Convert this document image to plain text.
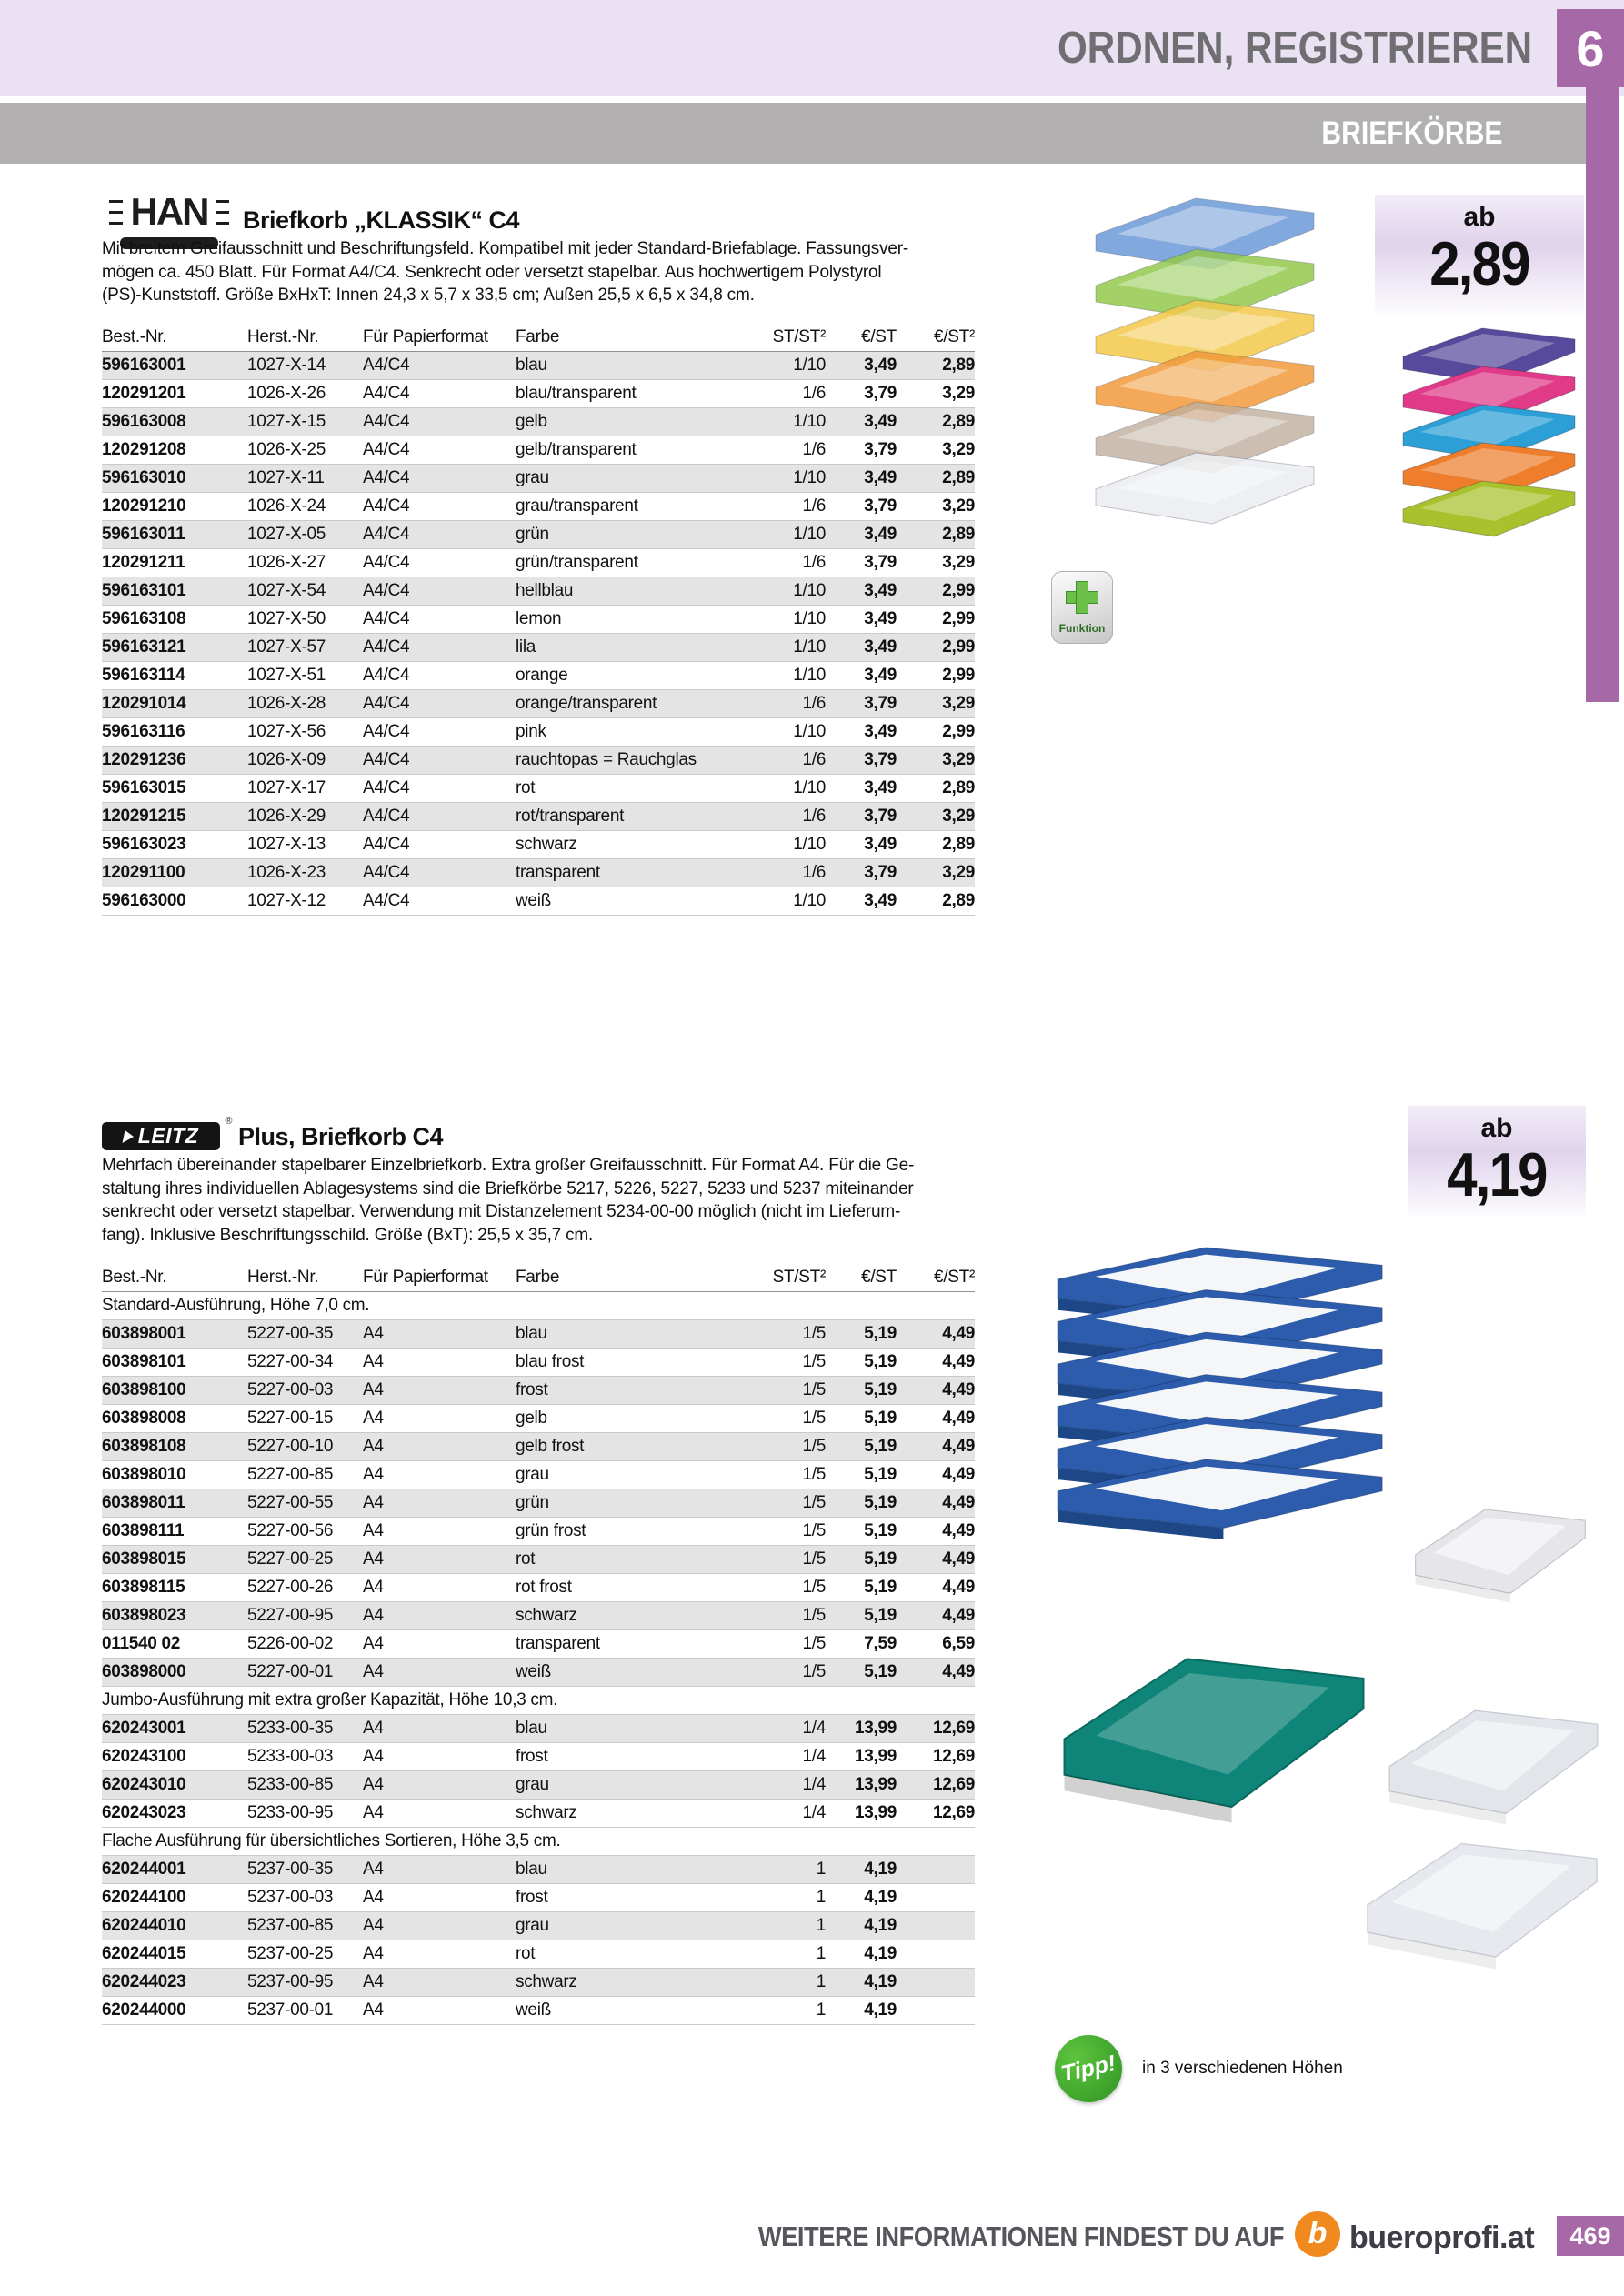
ORDNEN, REGISTRIEREN
BRIEFKÖRBE
6
HAN	Briefkorb „KLASSIK“ C4
Mit breitem Greifausschnitt und Beschriftungsfeld. Kompatibel mit jeder Standard-Briefablage. Fassungsver-
mögen ca. 450 Blatt. Für Format A4/C4. Senkrecht oder versetzt stapelbar. Aus hochwertigem Polystyrol
(PS)-Kunststoff. Größe BxHxT: Innen 24,3 x 5,7 x 33,5 cm; Außen 25,5 x 6,5 x 34,8 cm.
Best.-Nr.	Herst.-Nr.	Für Papierformat	Farbe	ST/ST²	€/ST	€/ST²
596163001	1027-X-14	A4/C4	blau	1/10	3,49	2,89
120291201	1026-X-26	A4/C4	blau/transparent	1/6	3,79	3,29
596163008	1027-X-15	A4/C4	gelb	1/10	3,49	2,89
120291208	1026-X-25	A4/C4	gelb/transparent	1/6	3,79	3,29
596163010	1027-X-11	A4/C4	grau	1/10	3,49	2,89
120291210	1026-X-24	A4/C4	grau/transparent	1/6	3,79	3,29
596163011	1027-X-05	A4/C4	grün	1/10	3,49	2,89
120291211	1026-X-27	A4/C4	grün/transparent	1/6	3,79	3,29
596163101	1027-X-54	A4/C4	hellblau	1/10	3,49	2,99
596163108	1027-X-50	A4/C4	lemon	1/10	3,49	2,99
596163121	1027-X-57	A4/C4	lila	1/10	3,49	2,99
596163114	1027-X-51	A4/C4	orange	1/10	3,49	2,99
120291014	1026-X-28	A4/C4	orange/transparent	1/6	3,79	3,29
596163116	1027-X-56	A4/C4	pink	1/10	3,49	2,99
120291236	1026-X-09	A4/C4	rauchtopas = Rauchglas	1/6	3,79	3,29
596163015	1027-X-17	A4/C4	rot	1/10	3,49	2,89
120291215	1026-X-29	A4/C4	rot/transparent	1/6	3,79	3,29
596163023	1027-X-13	A4/C4	schwarz	1/10	3,49	2,89
120291100	1026-X-23	A4/C4	transparent	1/6	3,79	3,29
596163000	1027-X-12	A4/C4	weiß	1/10	3,49	2,89
ab
2,89
Funktion
LEITZ
®
Plus, Briefkorb C4
Mehrfach übereinander stapelbarer Einzelbriefkorb. Extra großer Greifausschnitt. Für Format A4. Für die Ge-
staltung ihres individuellen Ablagesystems sind die Briefkörbe 5217, 5226, 5227, 5233 und 5237 miteinander
senkrecht oder versetzt stapelbar. Verwendung mit Distanzelement 5234-00-00 möglich (nicht im Lieferum-
fang). Inklusive Beschriftungsschild. Größe (BxT): 25,5 x 35,7 cm.
Best.-Nr.	Herst.-Nr.	Für Papierformat	Farbe	ST/ST²	€/ST	€/ST²
Standard-Ausführung, Höhe 7,0 cm.
603898001	5227-00-35	A4	blau	1/5	5,19	4,49
603898101	5227-00-34	A4	blau frost	1/5	5,19	4,49
603898100	5227-00-03	A4	frost	1/5	5,19	4,49
603898008	5227-00-15	A4	gelb	1/5	5,19	4,49
603898108	5227-00-10	A4	gelb frost	1/5	5,19	4,49
603898010	5227-00-85	A4	grau	1/5	5,19	4,49
603898011	5227-00-55	A4	grün	1/5	5,19	4,49
603898111	5227-00-56	A4	grün frost	1/5	5,19	4,49
603898015	5227-00-25	A4	rot	1/5	5,19	4,49
603898115	5227-00-26	A4	rot frost	1/5	5,19	4,49
603898023	5227-00-95	A4	schwarz	1/5	5,19	4,49
011540 02	5226-00-02	A4	transparent	1/5	7,59	6,59
603898000	5227-00-01	A4	weiß	1/5	5,19	4,49
Jumbo-Ausführung mit extra großer Kapazität, Höhe 10,3 cm.
620243001	5233-00-35	A4	blau	1/4	13,99	12,69
620243100	5233-00-03	A4	frost	1/4	13,99	12,69
620243010	5233-00-85	A4	grau	1/4	13,99	12,69
620243023	5233-00-95	A4	schwarz	1/4	13,99	12,69
Flache Ausführung für übersichtliches Sortieren, Höhe 3,5 cm.
620244001	5237-00-35	A4	blau	1	4,19
620244100	5237-00-03	A4	frost	1	4,19
620244010	5237-00-85	A4	grau	1	4,19
620244015	5237-00-25	A4	rot	1	4,19
620244023	5237-00-95	A4	schwarz	1	4,19
620244000	5237-00-01	A4	weiß	1	4,19
ab
4,19
Tipp! in 3 verschiedenen Höhen
WEITERE INFORMATIONEN FINDEST DU AUF b bueroprofi.at	469
